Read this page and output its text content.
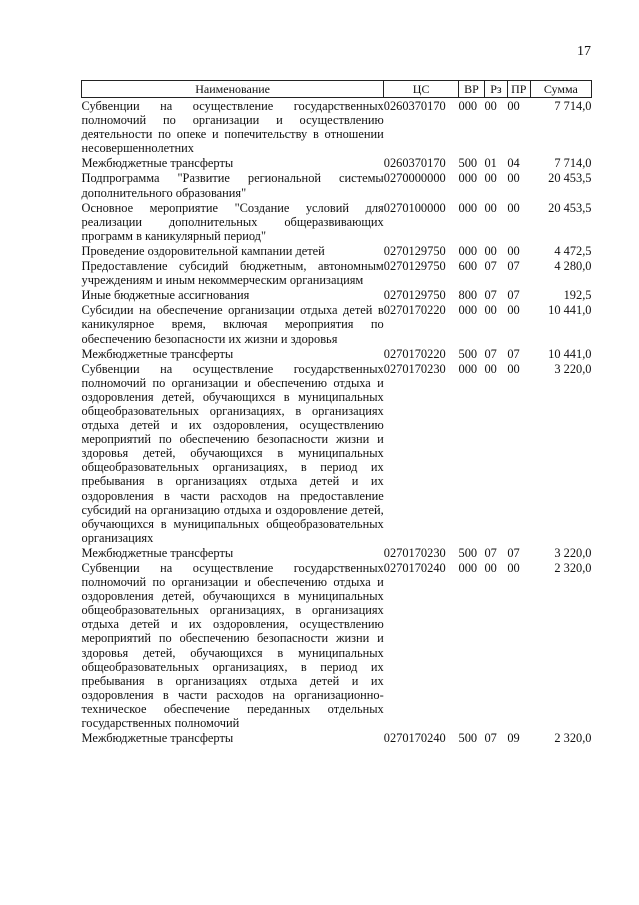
17
Наименование	ЦС	ВР	Рз	ПР	Сумма
Субвенции на осуществление государственных полномочий по организации и осуществлению деятельности по опеке и попечительству в отношении несовершеннолетних	0260370170	000	00	00	7 714,0
Межбюджетные трансферты	0260370170	500	01	04	7 714,0
Подпрограмма "Развитие региональной системы дополнительного образования"	0270000000	000	00	00	20 453,5
Основное мероприятие "Создание условий для реализации дополнительных общеразвивающих программ в каникулярный период"	0270100000	000	00	00	20 453,5
Проведение оздоровительной кампании детей	0270129750	000	00	00	4 472,5
Предоставление субсидий бюджетным, автономным учреждениям и иным некоммерческим организациям	0270129750	600	07	07	4 280,0
Иные бюджетные ассигнования	0270129750	800	07	07	192,5
Субсидии на обеспечение организации отдыха детей в каникулярное время, включая мероприятия по обеспечению безопасности их жизни и здоровья	0270170220	000	00	00	10 441,0
Межбюджетные трансферты	0270170220	500	07	07	10 441,0
Субвенции на осуществление государственных полномочий по организации и обеспечению отдыха и оздоровления детей, обучающихся в муниципальных общеобразовательных организациях, в организациях отдыха детей и их оздоровления, осуществлению мероприятий по обеспечению безопасности жизни и здоровья детей, обучающихся в муниципальных общеобразовательных организациях, в период их пребывания в организациях отдыха детей и их оздоровления в части расходов на предоставление субсидий на организацию отдыха и оздоровление детей, обучающихся в муниципальных общеобразовательных организациях	0270170230	000	00	00	3 220,0
Межбюджетные трансферты	0270170230	500	07	07	3 220,0
Субвенции на осуществление государственных полномочий по организации и обеспечению отдыха и оздоровления детей, обучающихся в муниципальных общеобразовательных организациях, в организациях отдыха детей и их оздоровления, осуществлению мероприятий по обеспечению безопасности жизни и здоровья детей, обучающихся в муниципальных общеобразовательных организациях, в период их пребывания в организациях отдыха детей и их оздоровления в части расходов на организационно-техническое обеспечение переданных отдельных государственных полномочий	0270170240	000	00	00	2 320,0
Межбюджетные трансферты	0270170240	500	07	09	2 320,0
